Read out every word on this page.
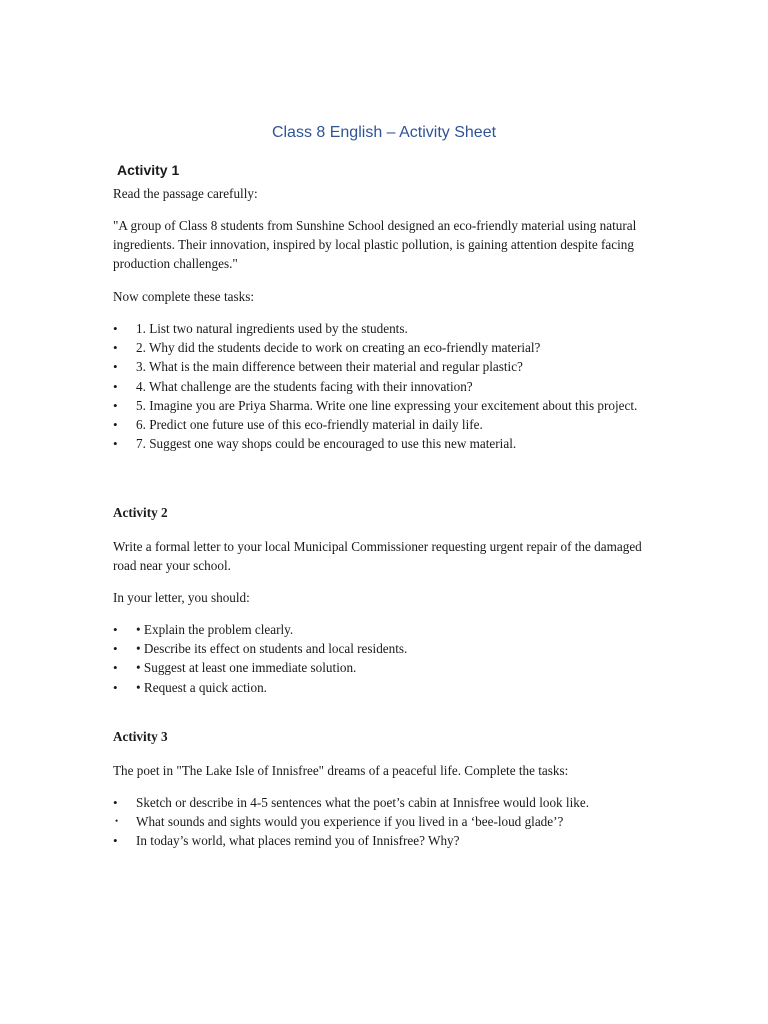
Class 8 English – Activity Sheet
Activity 1

Read the passage carefully:

"A group of Class 8 students from Sunshine School designed an eco-friendly material using natural ingredients. Their innovation, inspired by local plastic pollution, is gaining attention despite facing production challenges."

Now complete these tasks:

• 1. List two natural ingredients used by the students.
• 2. Why did the students decide to work on creating an eco-friendly material?
• 3. What is the main difference between their material and regular plastic?
• 4. What challenge are the students facing with their innovation?
• 5. Imagine you are Priya Sharma. Write one line expressing your excitement about this project.
• 6. Predict one future use of this eco-friendly material in daily life.
• 7. Suggest one way shops could be encouraged to use this new material.
Activity 2

Write a formal letter to your local Municipal Commissioner requesting urgent repair of the damaged road near your school.

In your letter, you should:

• • Explain the problem clearly.
• • Describe its effect on students and local residents.
• • Suggest at least one immediate solution.
• • Request a quick action.
Activity 3

The poet in "The Lake Isle of Innisfree" dreams of a peaceful life. Complete the tasks:

• Sketch or describe in 4-5 sentences what the poet’s cabin at Innisfree would look like.
• What sounds and sights would you experience if you lived in a ‘bee-loud glade’?
• In today’s world, what places remind you of Innisfree? Why?
